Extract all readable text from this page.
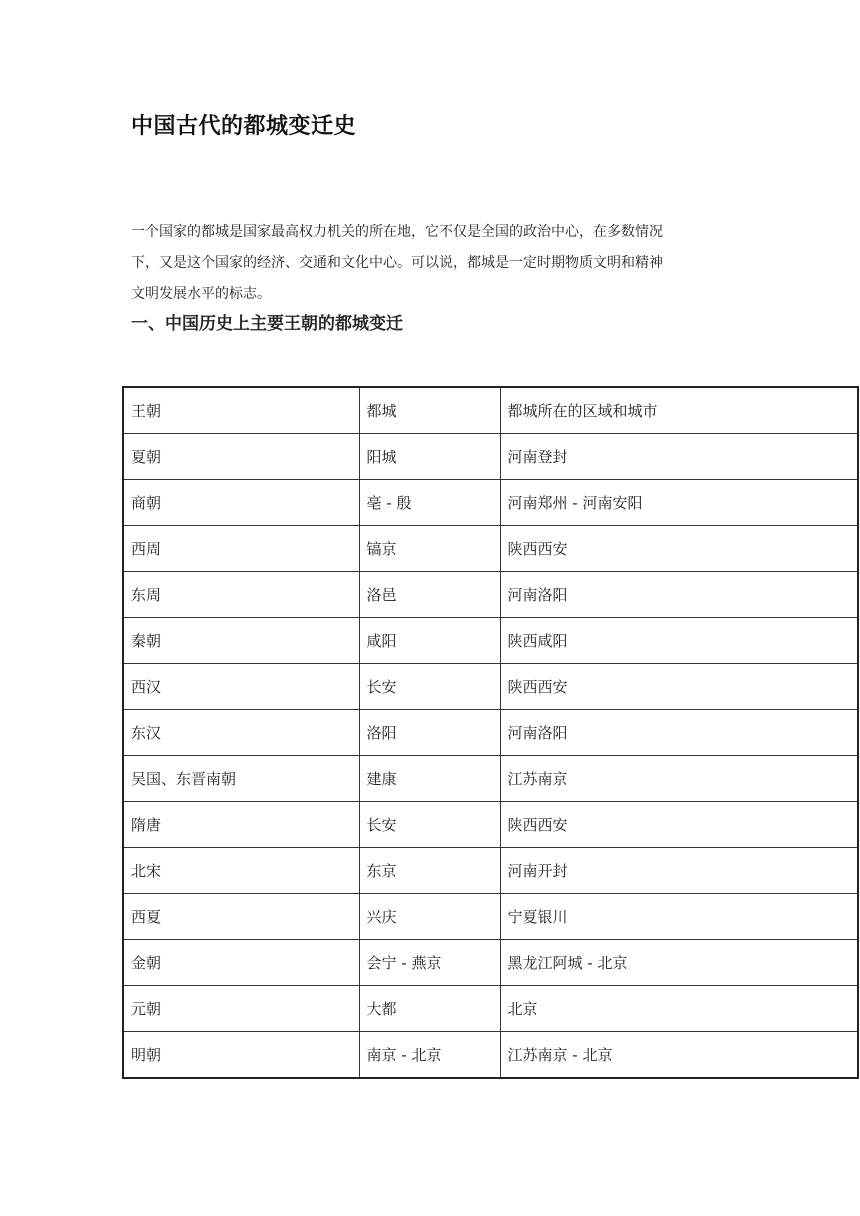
中国古代的都城变迁史
一个国家的都城是国家最高权力机关的所在地，它不仅是全国的政治中心，在多数情况
下，又是这个国家的经济、交通和文化中心。可以说，都城是一定时期物质文明和精神
文明发展水平的标志。
一、中国历史上主要王朝的都城变迁
王朝	都城	都城所在的区域和城市
夏朝	阳城	河南登封
商朝	亳 - 殷	河南郑州 - 河南安阳
西周	镐京	陕西西安
东周	洛邑	河南洛阳
秦朝	咸阳	陕西咸阳
西汉	长安	陕西西安
东汉	洛阳	河南洛阳
吴国、东晋南朝	建康	江苏南京
隋唐	长安	陕西西安
北宋	东京	河南开封
西夏	兴庆	宁夏银川
金朝	会宁 - 燕京	黑龙江阿城 - 北京
元朝	大都	北京
明朝	南京 - 北京	江苏南京 - 北京
